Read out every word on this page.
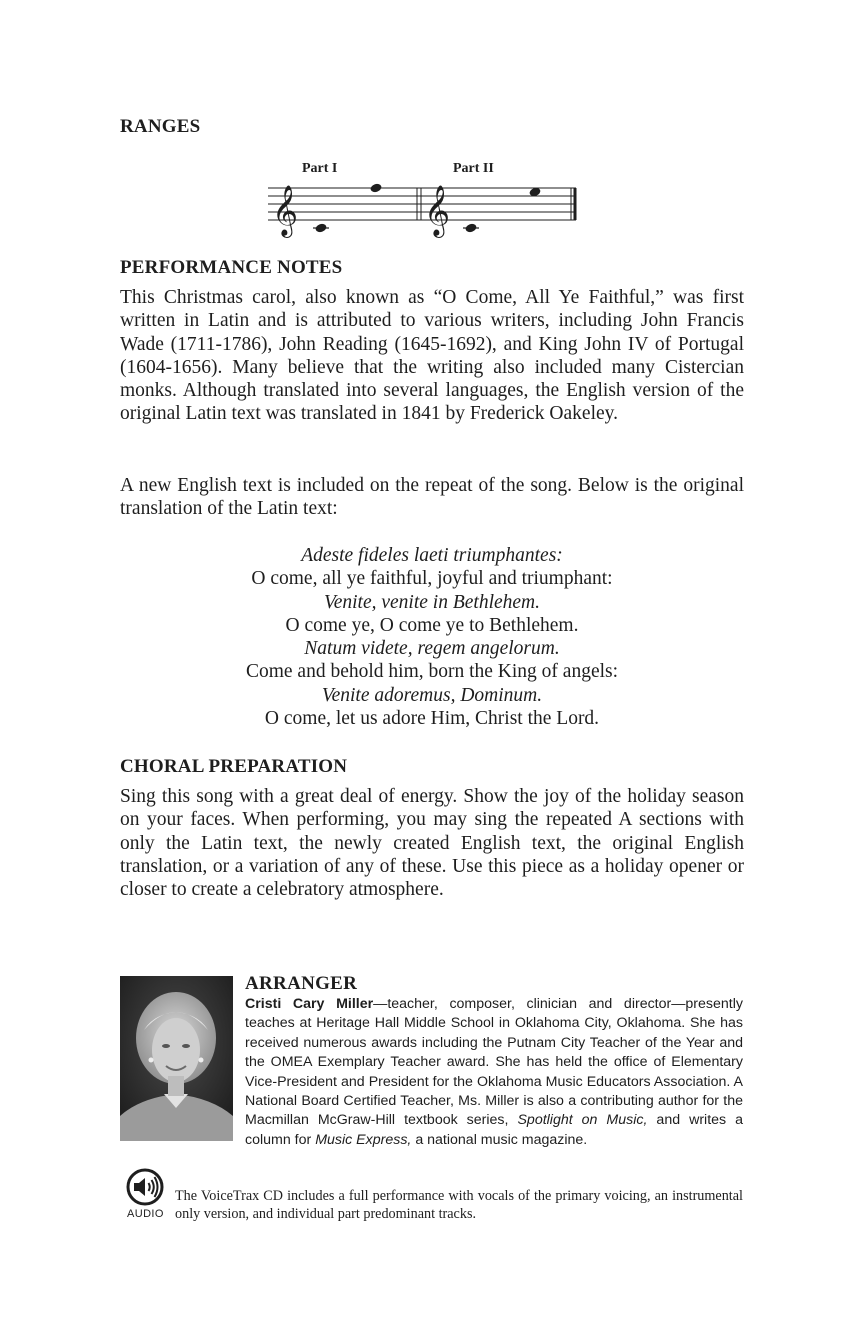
RANGES
Part I	Part II
𝄞	𝄞
PERFORMANCE NOTES

This Christmas carol, also known as “O Come, All Ye Faithful,” was first written in Latin and is attributed to various writers, including John Francis Wade (1711-1786), John Reading (1645-1692), and King John IV of Portugal (1604-1656). Many believe that the writing also included many Cistercian monks. Although translated into several languages, the English version of the original Latin text was translated in 1841 by Frederick Oakeley.

A new English text is included on the repeat of the song. Below is the original translation of the Latin text:

Adeste fideles laeti triumphantes:
O come, all ye faithful, joyful and triumphant:
Venite, venite in Bethlehem.
O come ye, O come ye to Bethlehem.
Natum videte, regem angelorum.
Come and behold him, born the King of angels:
Venite adoremus, Dominum.
O come, let us adore Him, Christ the Lord.
CHORAL PREPARATION

Sing this song with a great deal of energy. Show the joy of the holiday season on your faces. When performing, you may sing the repeated A sections with only the Latin text, the newly created English text, the original English translation, or a variation of any of these. Use this piece as a holiday opener or closer to create a celebratory atmosphere.

ARRANGER

Cristi Cary Miller—teacher, composer, clinician and director—presently teaches at Heritage Hall Middle School in Oklahoma City, Oklahoma. She has received numerous awards including the Putnam City Teacher of the Year and the OMEA Exemplary Teacher award. She has held the office of Elementary Vice-President and President for the Oklahoma Music Educators Association. A National Board Certified Teacher, Ms. Miller is also a contributing author for the Macmillan McGraw-Hill textbook series, Spotlight on Music, and writes a column for Music Express, a national music magazine.

AUDIO

The VoiceTrax CD includes a full performance with vocals of the primary voicing, an instrumental only version, and individual part predominant tracks.
